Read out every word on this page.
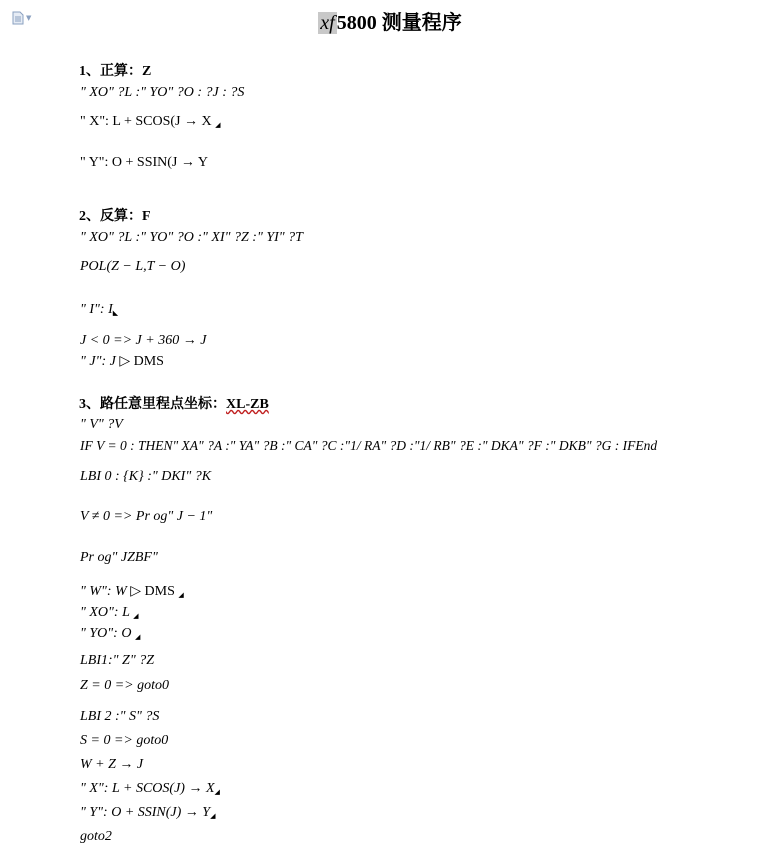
▼	xf 5800 测量程序
1、正算：Z
" XO" ?L :" YO" ?O : ?J : ?S
" X": L + SCOS(J → X ◢
" Y": O + SSIN(J → Y
2、反算：F
" XO" ?L :" YO" ?O :" XI" ?Z :" YI" ?T
POL(Z − L,T − O)
" I": I◣
J < 0 => J + 360 → J
" J": J ▷ DMS
3、路任意里程点坐标：XL-ZB
" V" ?V
IF V = 0 : THEN" XA" ?A :" YA" ?B :" CA" ?C :"1/ RA" ?D :"1/ RB" ?E :" DKA" ?F :" DKB" ?G : IFEnd
LBI 0 : {K} :" DKI" ?K
V ≠ 0 => Pr og" J − 1"
Pr og" JZBF"
" W": W ▷ DMS ◢
" XO": L ◢
" YO": O ◢
LBI1:" Z" ?Z
Z = 0 => goto0
LBI 2 :" S" ?S
S = 0 => goto0
W + Z → J
" X": L + SCOS(J) → X◢
" Y": O + SSIN(J) → Y◢
goto2
